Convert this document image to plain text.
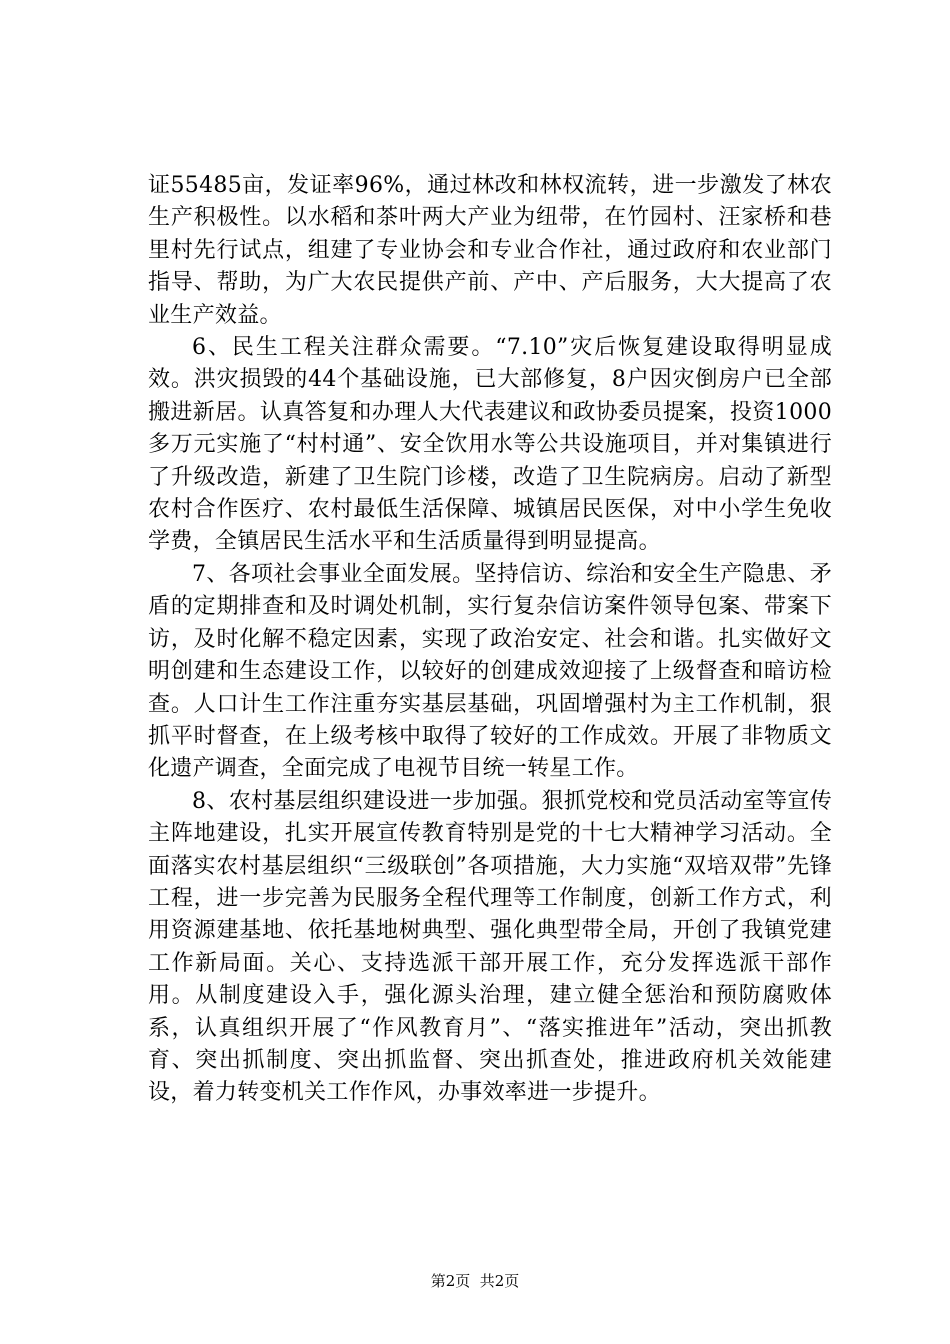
证55485亩，发证率96%，通过林改和林权流转，进一步激发了林农生产积极性。以水稻和茶叶两大产业为纽带，在竹园村、汪家桥和巷里村先行试点，组建了专业协会和专业合作社，通过政府和农业部门指导、帮助，为广大农民提供产前、产中、产后服务，大大提高了农业生产效益。

6、民生工程关注群众需要。“7.10”灾后恢复建设取得明显成效。洪灾损毁的44个基础设施，已大部修复，8户因灾倒房户已全部搬进新居。认真答复和办理人大代表建议和政协委员提案，投资1000多万元实施了“村村通”、安全饮用水等公共设施项目，并对集镇进行了升级改造，新建了卫生院门诊楼，改造了卫生院病房。启动了新型农村合作医疗、农村最低生活保障、城镇居民医保，对中小学生免收学费，全镇居民生活水平和生活质量得到明显提高。

7、各项社会事业全面发展。坚持信访、综治和安全生产隐患、矛盾的定期排查和及时调处机制，实行复杂信访案件领导包案、带案下访，及时化解不稳定因素，实现了政治安定、社会和谐。扎实做好文明创建和生态建设工作，以较好的创建成效迎接了上级督查和暗访检查。人口计生工作注重夯实基层基础，巩固增强村为主工作机制，狠抓平时督查，在上级考核中取得了较好的工作成效。开展了非物质文化遗产调查，全面完成了电视节目统一转星工作。

8、农村基层组织建设进一步加强。狠抓党校和党员活动室等宣传主阵地建设，扎实开展宣传教育特别是党的十七大精神学习活动。全面落实农村基层组织“三级联创”各项措施，大力实施“双培双带”先锋工程，进一步完善为民服务全程代理等工作制度，创新工作方式，利用资源建基地、依托基地树典型、强化典型带全局，开创了我镇党建工作新局面。关心、支持选派干部开展工作，充分发挥选派干部作用。从制度建设入手，强化源头治理，建立健全惩治和预防腐败体系，认真组织开展了“作风教育月”、“落实推进年”活动，突出抓教育、突出抓制度、突出抓监督、突出抓查处，推进政府机关效能建设，着力转变机关工作作风，办事效率进一步提升。

第2页  共2页
